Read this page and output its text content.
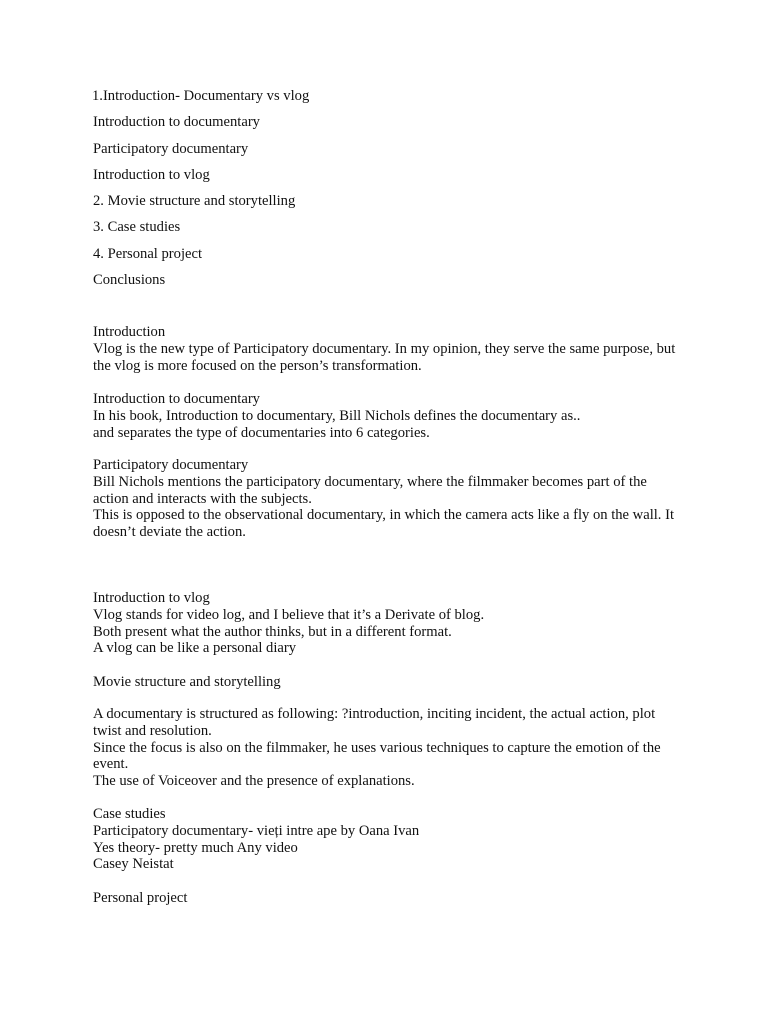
1.Introduction- Documentary vs vlog
Introduction to documentary
Participatory documentary
Introduction to vlog
2. Movie structure and storytelling
3. Case studies
4. Personal project
Conclusions
Introduction
Vlog is the new type of Participatory documentary. In my opinion, they serve the same purpose, but
the vlog is more focused on the person’s transformation.
Introduction to documentary
In his book, Introduction to documentary, Bill Nichols defines the documentary as..
and separates the type of documentaries into 6 categories.
Participatory documentary
Bill Nichols mentions the participatory documentary, where the filmmaker becomes part of the
action and interacts with the subjects.
This is opposed to the observational documentary, in which the camera acts like a fly on the wall. It
doesn’t deviate the action.
Introduction to vlog
Vlog stands for video log, and I believe that it’s a Derivate of blog.
Both present what the author thinks, but in a different format.
A vlog can be like a personal diary
Movie structure and storytelling
A documentary is structured as following: ?introduction, inciting incident, the actual action, plot
twist and resolution.
Since the focus is also on the filmmaker, he uses various techniques to capture the emotion of the
event.
The use of Voiceover and the presence of explanations.
Case studies
Participatory documentary- vieți intre ape by Oana Ivan
Yes theory- pretty much Any video
Casey Neistat
Personal project
